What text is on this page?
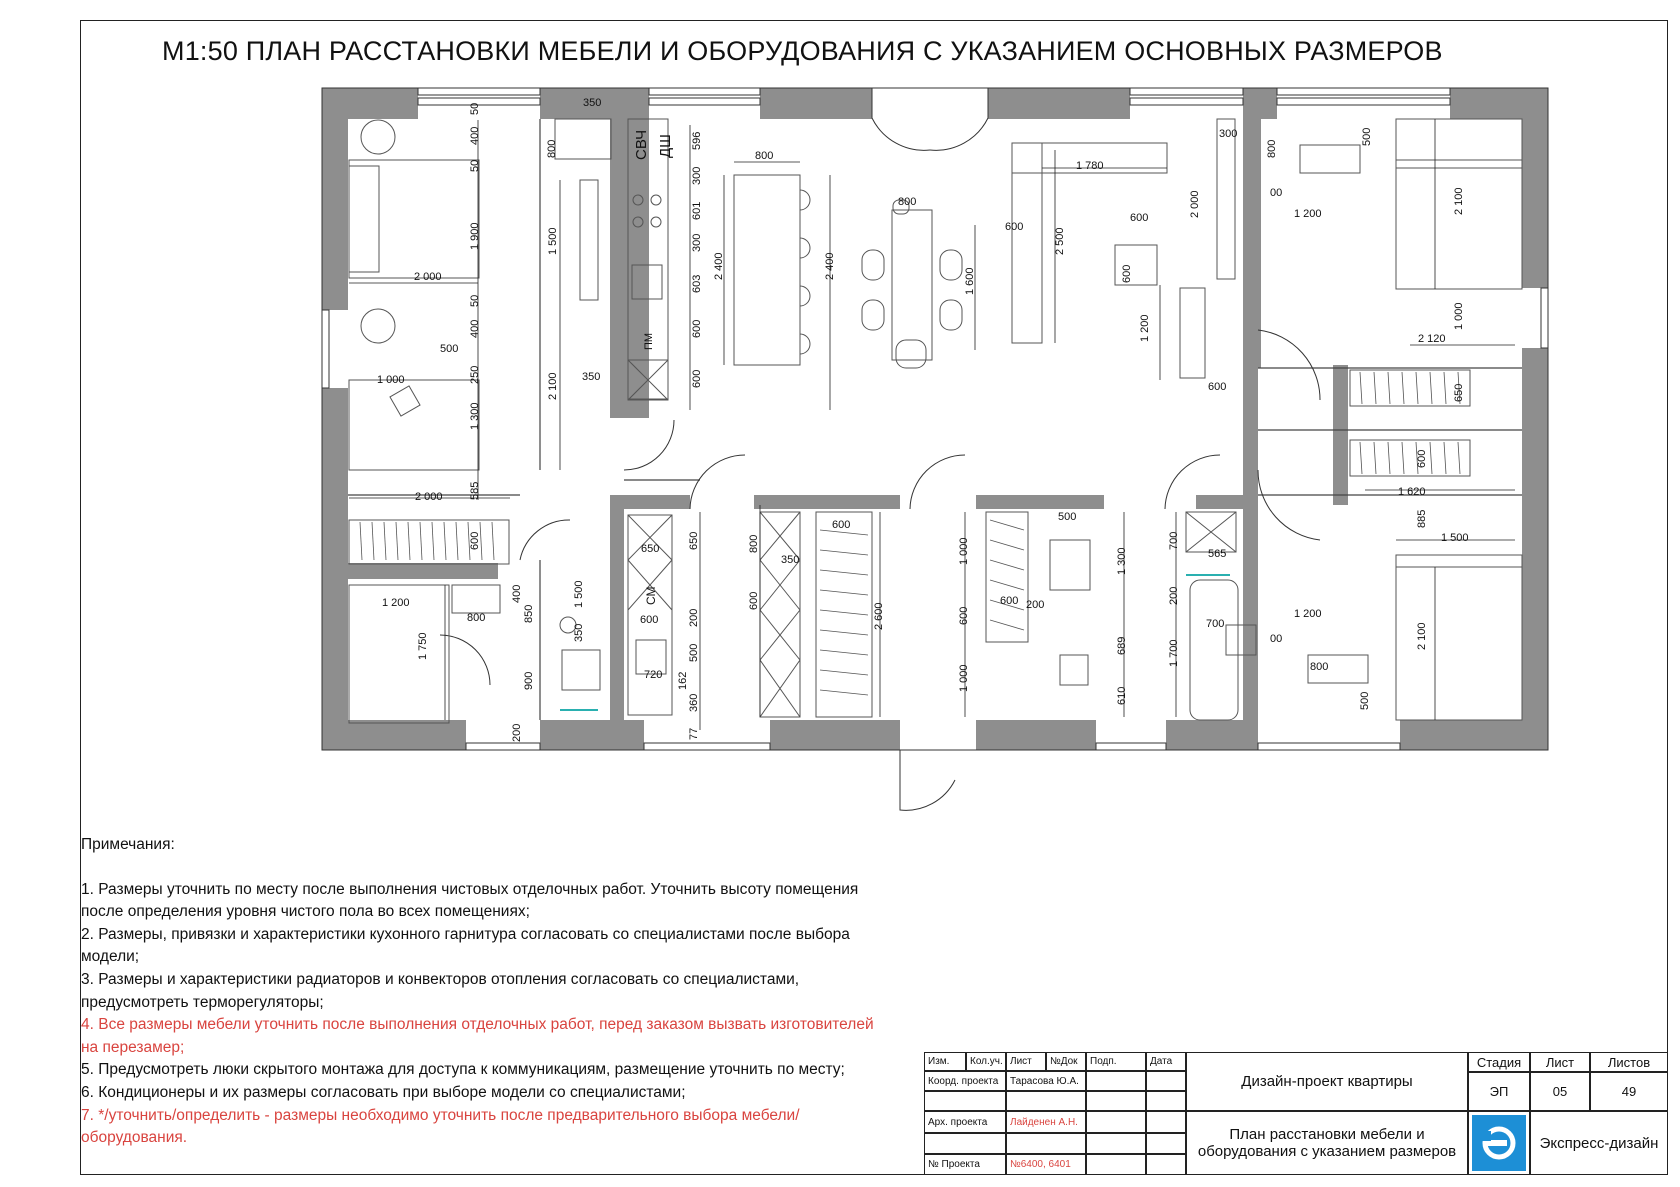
М1:50 ПЛАН РАССТАНОВКИ МЕБЕЛИ И ОБОРУДОВАНИЯ С УКАЗАНИЕМ ОСНОВНЫХ РАЗМЕРОВ
СВЧ ДШ
ПМ
СМ
350
50
400
50
800
1 900
2 000
50
400
500
250
1 000
1 500
350
2 100
1 300
2 000 585
600
596
300
601
300
603
600
600
800
2 400	2 400
800
1 600
600
1 780
2 500
600	2 000
300
600
1 200
600
800
500
1 200
00	2 100
2 120
1 000
650
600
1 620
885
1 500
1 200
00
800
2 100
500
1 200
800
400
850
1 750
900
200
1 500
350
650	650
600
500
720 162
360
77
200
800
600
350
2 600
600
1 000
600
1 000
500
600 200
1 300
689
610
700
565
200
700
1 700
Примечания:
1. Размеры уточнить по месту после выполнения чистовых отделочных работ. Уточнить высоту помещения после определения уровня чистого пола во всех помещениях;
2. Размеры, привязки и характеристики кухонного гарнитура согласовать со специалистами после выбора модели;
3. Размеры и характеристики радиаторов и конвекторов отопления согласовать со специалистами, предусмотреть терморегуляторы;
4. Все размеры мебели уточнить после выполнения отделочных работ, перед заказом вызвать изготовителей на перезамер;
5. Предусмотреть люки скрытого монтажа для доступа к коммуникациям, размещение уточнить по месту;
6. Кондиционеры и их размеры согласовать при выборе модели со специалистами;
7. */уточнить/определить - размеры необходимо уточнить после предварительного выбора мебели/оборудования.
Изм.	Кол.уч. Лист	№Док	Подп.	Дата
Коорд. проекта	Тарасова Ю.А.
Арх. проекта	Лайденен А.Н.
№ Проекта	№6400, 6401
Дизайн-проект квартиры
План расстановки мебели и оборудования с указанием размеров
Стадия	Лист	Листов
ЭП	05	49
Экспресс-дизайн
